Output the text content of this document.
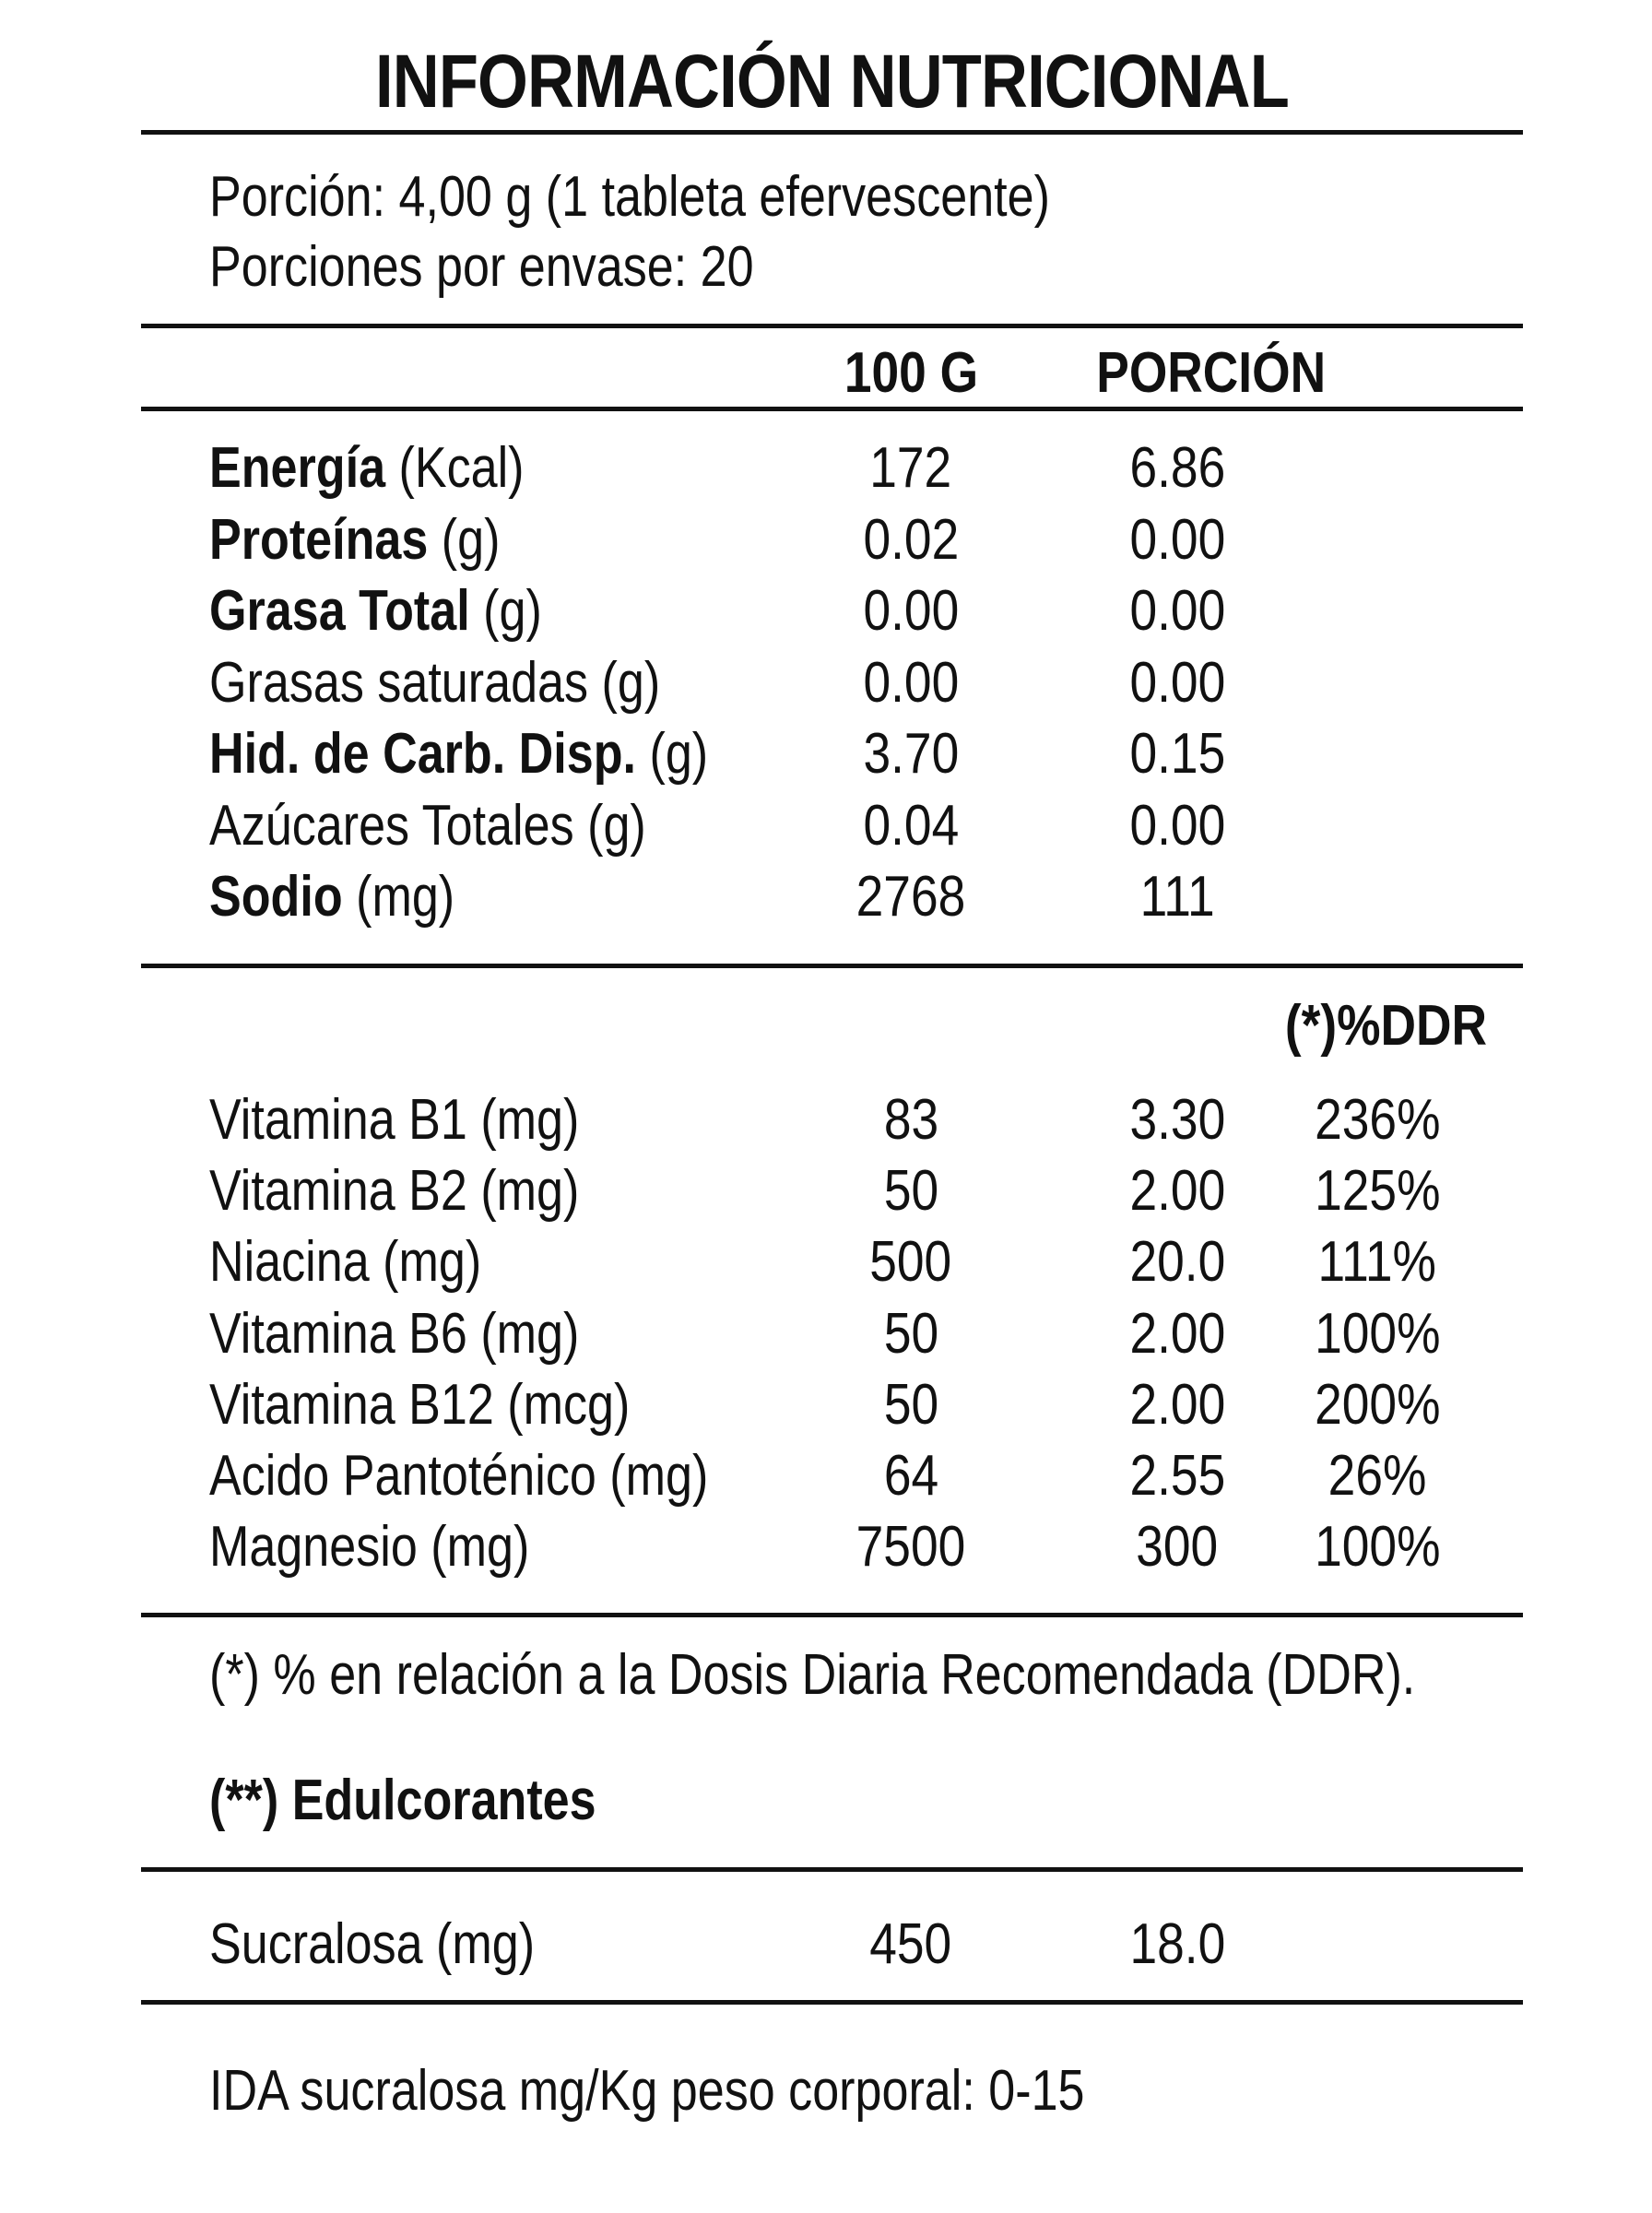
INFORMACIÓN NUTRICIONAL
Porción: 4,00 g (1 tableta efervescente)
Porciones por envase: 20
100 G	PORCIÓN
Energía (Kcal)	172	6.86
Proteínas (g)	0.02	0.00
Grasa Total (g)	0.00	0.00
Grasas saturadas (g)	0.00	0.00
Hid. de Carb. Disp. (g)	3.70	0.15
Azúcares Totales (g)	0.04	0.00
Sodio (mg)	2768	111
(*)%DDR
Vitamina B1 (mg)	83	3.30	236%
Vitamina B2 (mg)	50	2.00	125%
Niacina (mg)	500	20.0	111%
Vitamina B6 (mg)	50	2.00	100%
Vitamina B12 (mcg)	50	2.00	200%
Acido Pantoténico (mg)	64	2.55	26%
Magnesio (mg)	7500	300	100%
(*) % en relación a la Dosis Diaria Recomendada (DDR).
(**) Edulcorantes
Sucralosa (mg)	450	18.0
IDA sucralosa mg/Kg peso corporal: 0-15
